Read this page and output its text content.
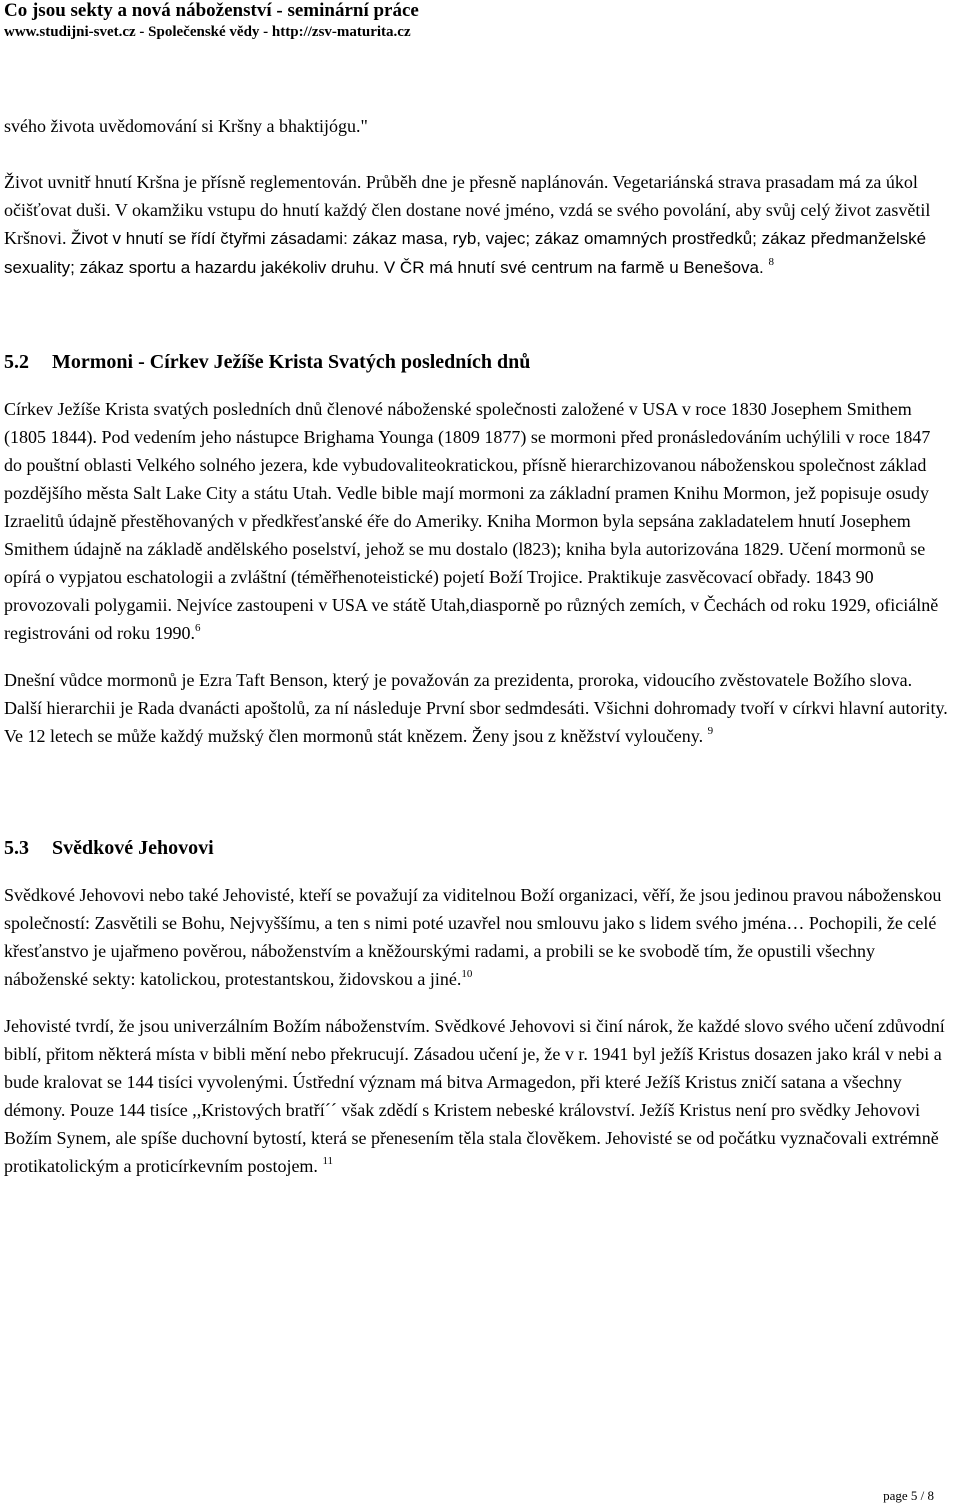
Co jsou sekty a nová náboženství - seminární práce
www.studijni-svet.cz - Společenské vědy - http://zsv-maturita.cz

svého života uvědomování si Kršny a bhaktijógu."

Život uvnitř hnutí Kršna je přísně reglementován. Průběh dne je přesně naplánován. Vegetariánská strava prasadam má za úkol očišťovat duši. V okamžiku vstupu do hnutí každý člen dostane nové jméno, vzdá se svého povolání, aby svůj celý život zasvětil Kršnovi. Život v hnutí se řídí čtyřmi zásadami: zákaz masa, ryb, vajec; zákaz omamných prostředků; zákaz předmanželské sexuality; zákaz sportu a hazardu jakékoliv druhu. V ČR má hnutí své centrum na farmě u Benešova. $^8$

5.2 Mormoni - Církev Ježíše Krista Svatých posledních dnů

Církev Ježíše Krista svatých posledních dnů členové náboženské společnosti založené v USA v roce 1830 Josephem Smithem (1805 1844). Pod vedením jeho nástupce Brighama Younga (1809 1877) se mormoni před pronásledováním uchýlili v roce 1847 do pouštní oblasti Velkého solného jezera, kde vybudovaliteokratickou, přísně hierarchizovanou náboženskou společnost základ pozdějšího města Salt Lake City a státu Utah. Vedle bible mají mormoni za základní pramen Knihu Mormon, jež popisuje osudy Izraelitů údajně přestěhovaných v předkřesťanské éře do Ameriky. Kniha Mormon byla sepsána zakladatelem hnutí Josephem Smithem údajně na základě andělského poselství, jehož se mu dostalo (l823); kniha byla autorizována 1829. Učení mormonů se opírá o vypjatou eschatologii a zvláštní (téměřhenoteistické) pojetí Boží Trojice. Praktikuje zasvěcovací obřady. 1843 90 provozovali polygamii. Nejvíce zastoupeni v USA ve státě Utah,diasporně po různých zemích, v Čechách od roku 1929, oficiálně registrováni od roku 1990.$^6$

Dnešní vůdce mormonů je Ezra Taft Benson, který je považován za prezidenta, proroka, vidoucího zvěstovatele Božího slova. Další hierarchii je Rada dvanácti apoštolů, za ní následuje První sbor sedmdesáti. Všichni dohromady tvoří v církvi hlavní autority. Ve 12 letech se může každý mužský člen mormonů stát knězem. Ženy jsou z kněžství vyloučeny. $^9$

5.3 Svědkové Jehovovi

Svědkové Jehovovi nebo také Jehovisté, kteří se považují za viditelnou Boží organizaci, věří, že jsou jedinou pravou náboženskou společností: Zasvětili se Bohu, Nejvyššímu, a ten s nimi poté uzavřel nou smlouvu jako s lidem svého jména… Pochopili, že celé křesťanstvo je ujařmeno pověrou, náboženstvím a kněžourskými radami, a probili se ke svobodě tím, že opustili všechny náboženské sekty: katolickou, protestantskou, židovskou a jiné.$^{10}$

Jehovisté tvrdí, že jsou univerzálním Božím náboženstvím. Svědkové Jehovovi si činí nárok, že každé slovo svého učení zdůvodní biblí, přitom některá místa v bibli mění nebo překrucují. Zásadou učení je, že v r. 1941 byl ježíš Kristus dosazen jako král v nebi a bude kralovat se 144 tisíci vyvolenými. Ústřední význam má bitva Armagedon, při které Ježíš Kristus zničí satana a všechny démony. Pouze 144 tisíce ,,Kristových bratří´´ však zdědí s Kristem nebeské království. Ježíš Kristus není pro svědky Jehovovi Božím Synem, ale spíše duchovní bytostí, která se přenesením těla stala člověkem. Jehovisté se od počátku vyznačovali extrémně protikatolickým a proticírkevním postojem. $^{11}$

page 5 / 8
